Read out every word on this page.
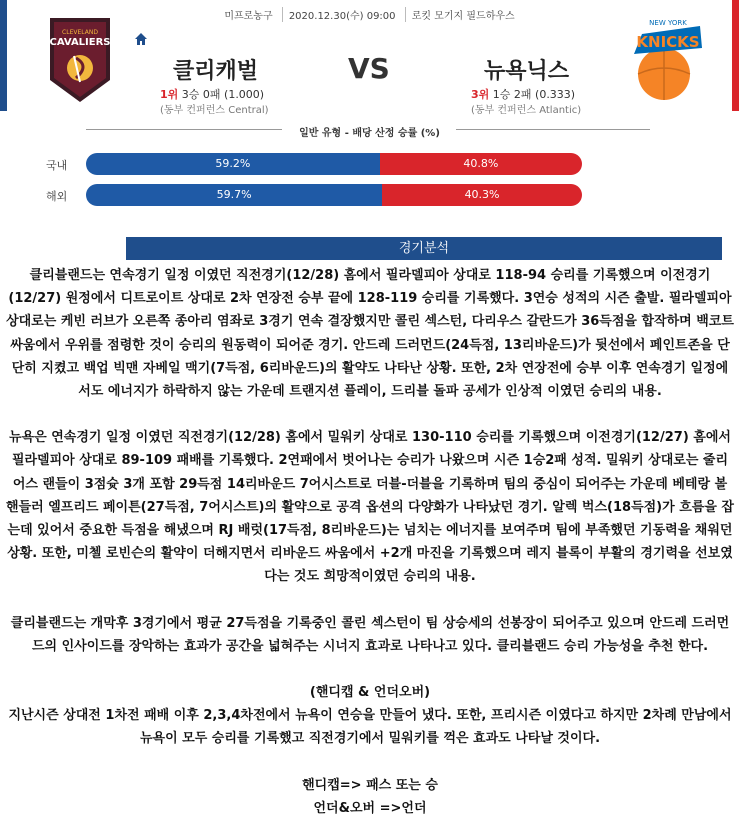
미프로농구 2020.12.30(수) 09:00 로킷 모기지 필드하우스
CLEVELAND
CAVALIERS
NEW YORK
KNICKS
클리캐벌	VS	뉴욕닉스
1위 3승 0패 (1.000)	3위 1승 2패 (0.333)
(동부 컨퍼런스 Central)	(동부 컨퍼런스 Atlantic)
일반 유형 - 배당 산정 승률 (%)
국내	59.2%	40.8%
해외	59.7%	40.3%
경기분석

클리블랜드는 연속경기 일정 이였던 직전경기(12/28) 홈에서 필라델피아 상대로 118-94 승리를 기록했으며 이전경기(12/27) 원정에서 디트로이트 상대로 2차 연장전 승부 끝에 128-119 승리를 기록했다. 3연승 성적의 시즌 출발. 필라델피아 상대로는 케빈 러브가 오른쪽 종아리 염좌로 3경기 연속 결장했지만 콜린 섹스턴, 다리우스 갈란드가 36득점을 합작하며 백코트 싸움에서 우위를 점령한 것이 승리의 원동력이 되어준 경기. 안드레 드러먼드(24득점, 13리바운드)가 뒷선에서 페인트존을 단단히 지켰고 백업 빅맨 자베일 맥기(7득점, 6리바운드)의 활약도 나타난 상황. 또한, 2차 연장전에 승부 이후 연속경기 일정에서도 에너지가 하락하지 않는 가운데 트랜지션 플레이, 드리블 돌파 공세가 인상적 이였던 승리의 내용.

뉴욕은 연속경기 일정 이였던 직전경기(12/28) 홈에서 밀워키 상대로 130-110 승리를 기록했으며 이전경기(12/27) 홈에서 필라델피아 상대로 89-109 패배를 기록했다. 2연패에서 벗어나는 승리가 나왔으며 시즌 1승2패 성적. 밀워키 상대로는 줄리어스 랜들이 3점슛 3개 포함 29득점 14리바운드 7어시스트로 더블-더블을 기록하며 팀의 중심이 되어주는 가운데 베테랑 볼 핸들러 엘프리드 페이튼(27득점, 7어시스트)의 활약으로 공격 옵션의 다양화가 나타났던 경기. 알렉 벅스(18득점)가 흐름을 잡는데 있어서 중요한 득점을 해냈으며 RJ 배럿(17득점, 8리바운드)는 넘치는 에너지를 보여주며 팀에 부족했던 기동력을 채워던 상황. 또한, 미첼 로빈슨의 활약이 더해지면서 리바운드 싸움에서 +2개 마진을 기록했으며 레지 블록이 부활의 경기력을 선보였다는 것도 희망적이였던 승리의 내용.

클리블랜드는 개막후 3경기에서 평균 27득점을 기록중인 콜린 섹스턴이 팀 상승세의 선봉장이 되어주고 있으며 안드레 드러먼드의 인사이드를 장악하는 효과가 공간을 넓혀주는 시너지 효과로 나타나고 있다. 클리블랜드 승리 가능성을 추천 한다.

(핸디캡 & 언더오버)

지난시즌 상대전 1차전 패배 이후 2,3,4차전에서 뉴욕이 연승을 만들어 냈다. 또한, 프리시즌 이였다고 하지만 2차례 만남에서 뉴욕이 모두 승리를 기록했고 직전경기에서 밀워키를 꺽은 효과도 나타날 것이다.

핸디캡=> 패스 또는 승

언더&오버 =>언더
